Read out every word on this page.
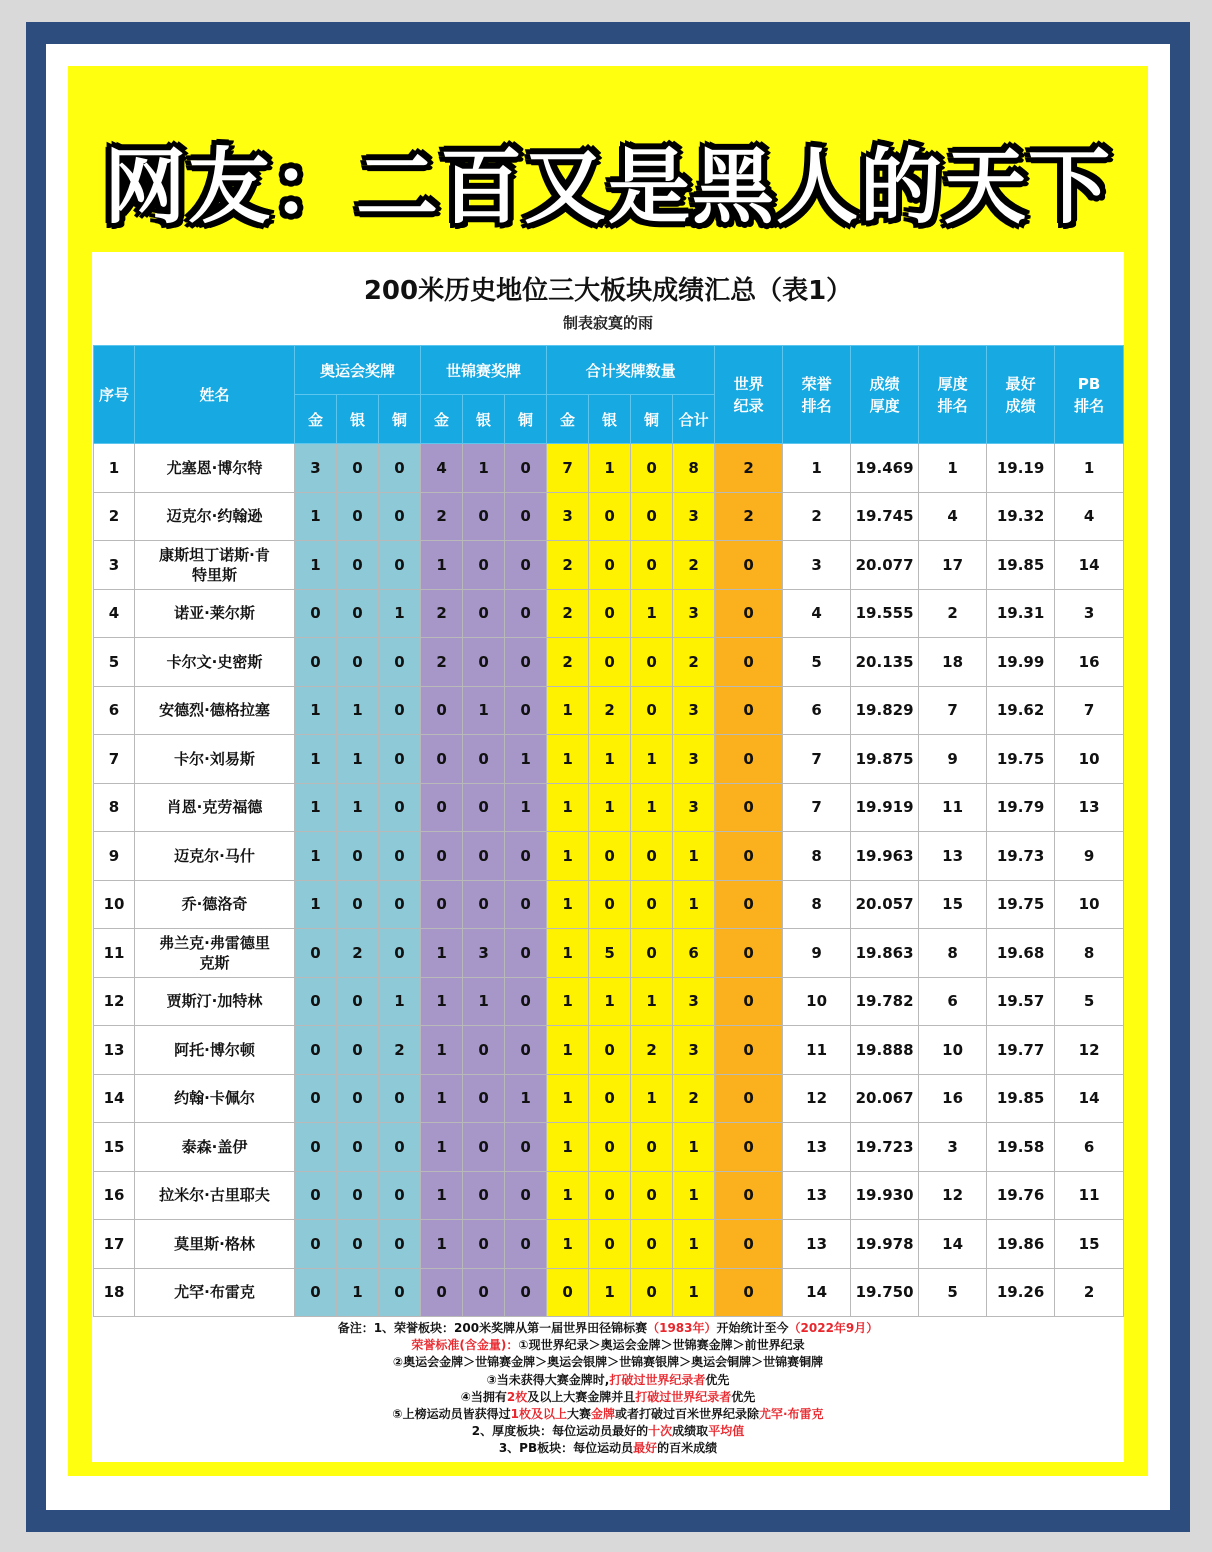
网友：二百又是黑人的天下
200米历史地位三大板块成绩汇总（表1）
制表寂寞的雨
序号	姓名	奥运会奖牌			世锦赛奖牌			合计奖牌数量				世界纪录	荣誉排名	成绩厚度	厚度排名	最好成绩	PB排名
		金	银	铜	金	银	铜	金	银	铜	合计						
1	尤塞恩·博尔特	3	0	0	4	1	0	7	1	0	8	2	1	19.469	1	19.19	1
2	迈克尔·约翰逊	1	0	0	2	0	0	3	0	0	3	2	2	19.745	4	19.32	4
3	康斯坦丁诺斯·肯特里斯	1	0	0	1	0	0	2	0	0	2	0	3	20.077	17	19.85	14
4	诺亚·莱尔斯	0	0	1	2	0	0	2	0	1	3	0	4	19.555	2	19.31	3
5	卡尔文·史密斯	0	0	0	2	0	0	2	0	0	2	0	5	20.135	18	19.99	16
6	安德烈·德格拉塞	1	1	0	0	1	0	1	2	0	3	0	6	19.829	7	19.62	7
7	卡尔·刘易斯	1	1	0	0	0	1	1	1	1	3	0	7	19.875	9	19.75	10
8	肖恩·克劳福德	1	1	0	0	0	1	1	1	1	3	0	7	19.919	11	19.79	13
9	迈克尔·马什	1	0	0	0	0	0	1	0	0	1	0	8	19.963	13	19.73	9
10	乔·德洛奇	1	0	0	0	0	0	1	0	0	1	0	8	20.057	15	19.75	10
11	弗兰克·弗雷德里克斯	0	2	0	1	3	0	1	5	0	6	0	9	19.863	8	19.68	8
12	贾斯汀·加特林	0	0	1	1	1	0	1	1	1	3	0	10	19.782	6	19.57	5
13	阿托·博尔顿	0	0	2	1	0	0	1	0	2	3	0	11	19.888	10	19.77	12
14	约翰·卡佩尔	0	0	0	1	0	1	1	0	1	2	0	12	20.067	16	19.85	14
15	泰森·盖伊	0	0	0	1	0	0	1	0	0	1	0	13	19.723	3	19.58	6
16	拉米尔·古里耶夫	0	0	0	1	0	0	1	0	0	1	0	13	19.930	12	19.76	11
17	莫里斯·格林	0	0	0	1	0	0	1	0	0	1	0	13	19.978	14	19.86	15
18	尤罕·布雷克	0	1	0	0	0	0	0	1	0	1	0	14	19.750	5	19.26	2
备注：1、荣誉板块：200米奖牌从第一届世界田径锦标赛（1983年）开始统计至今（2022年9月）
荣誉标准(含金量)：①现世界纪录＞奥运会金牌＞世锦赛金牌＞前世界纪录
②奥运会金牌＞世锦赛金牌＞奥运会银牌＞世锦赛银牌＞奥运会铜牌＞世锦赛铜牌
③当未获得大赛金牌时,打破过世界纪录者优先
④当拥有2枚及以上大赛金牌并且打破过世界纪录者优先
⑤上榜运动员皆获得过1枚及以上大赛金牌或者打破过百米世界纪录除尤罕·布雷克
2、厚度板块：每位运动员最好的十次成绩取平均值
3、PB板块：每位运动员最好的百米成绩
